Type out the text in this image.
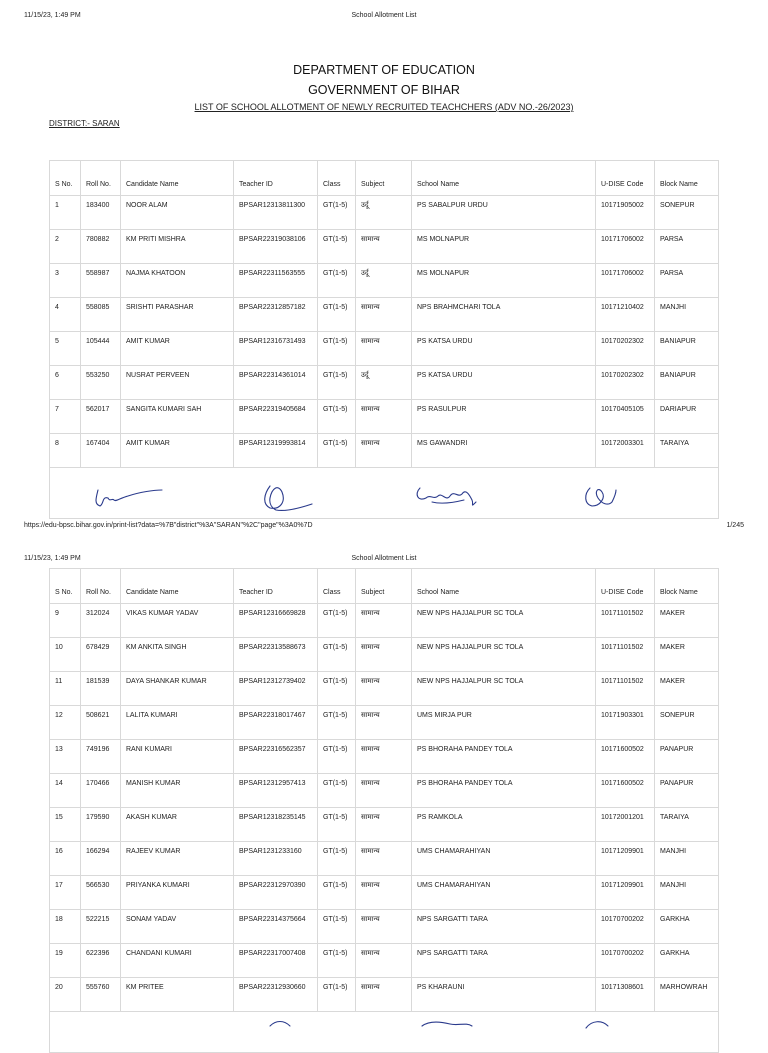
11/15/23, 1:49 PM	School Allotment List
DEPARTMENT OF EDUCATION
GOVERNMENT OF BIHAR
LIST OF SCHOOL ALLOTMENT OF NEWLY RECRUITED TEACHCHERS (ADV NO.-26/2023)
DISTRICT:- SARAN
S No.	Roll No.	Candidate Name	Teacher ID	Class	Subject	School Name	U-DISE Code	Block Name
1	183400	NOOR ALAM	BPSAR12313811300	GT(1-5)	उर्दू	PS SABALPUR URDU	10171905002	SONEPUR
2	780882	KM PRITI MISHRA	BPSAR22319038106	GT(1-5)	सामान्य	MS MOLNAPUR	10171706002	PARSA
3	558987	NAJMA KHATOON	BPSAR22311563555	GT(1-5)	उर्दू	MS MOLNAPUR	10171706002	PARSA
4	558085	SRISHTI PARASHAR	BPSAR22312857182	GT(1-5)	सामान्य	NPS BRAHMCHARI TOLA	10171210402	MANJHI
5	105444	AMIT KUMAR	BPSAR12316731493	GT(1-5)	सामान्य	PS KATSA URDU	10170202302	BANIAPUR
6	553250	NUSRAT PERVEEN	BPSAR22314361014	GT(1-5)	उर्दू	PS KATSA URDU	10170202302	BANIAPUR
7	562017	SANGITA KUMARI SAH	BPSAR22319405684	GT(1-5)	सामान्य	PS RASULPUR	10170405105	DARIAPUR
8	167404	AMIT KUMAR	BPSAR12319993814	GT(1-5)	सामान्य	MS GAWANDRI	10172003301	TARAIYA

https://edu-bpsc.bihar.gov.in/print-list?data=%7B"district"%3A"SARAN"%2C"page"%3A0%7D	1/245
11/15/23, 1:49 PM	School Allotment List
S No.	Roll No.	Candidate Name	Teacher ID	Class	Subject	School Name	U-DISE Code	Block Name
9	312024	VIKAS KUMAR YADAV	BPSAR12316669828	GT(1-5)	सामान्य	NEW NPS HAJJALPUR SC TOLA	10171101502	MAKER
10	678429	KM ANKITA SINGH	BPSAR22313588673	GT(1-5)	सामान्य	NEW NPS HAJJALPUR SC TOLA	10171101502	MAKER
11	181539	DAYA SHANKAR KUMAR	BPSAR12312739402	GT(1-5)	सामान्य	NEW NPS HAJJALPUR SC TOLA	10171101502	MAKER
12	508621	LALITA KUMARI	BPSAR22318017467	GT(1-5)	सामान्य	UMS MIRJA PUR	10171903301	SONEPUR
13	749196	RANI KUMARI	BPSAR22316562357	GT(1-5)	सामान्य	PS BHORAHA PANDEY TOLA	10171600502	PANAPUR
14	170466	MANISH KUMAR	BPSAR12312957413	GT(1-5)	सामान्य	PS BHORAHA PANDEY TOLA	10171600502	PANAPUR
15	179590	AKASH KUMAR	BPSAR12318235145	GT(1-5)	सामान्य	PS RAMKOLA	10172001201	TARAIYA
16	166294	RAJEEV KUMAR	BPSAR1231233160	GT(1-5)	सामान्य	UMS CHAMARAHIYAN	10171209901	MANJHI
17	566530	PRIYANKA KUMARI	BPSAR22312970390	GT(1-5)	सामान्य	UMS CHAMARAHIYAN	10171209901	MANJHI
18	522215	SONAM YADAV	BPSAR22314375664	GT(1-5)	सामान्य	NPS SARGATTI TARA	10170700202	GARKHA
19	622396	CHANDANI KUMARI	BPSAR22317007408	GT(1-5)	सामान्य	NPS SARGATTI TARA	10170700202	GARKHA
20	555760	KM PRITEE	BPSAR22312930660	GT(1-5)	सामान्य	PS KHARAUNI	10171308601	MARHOWRAH
